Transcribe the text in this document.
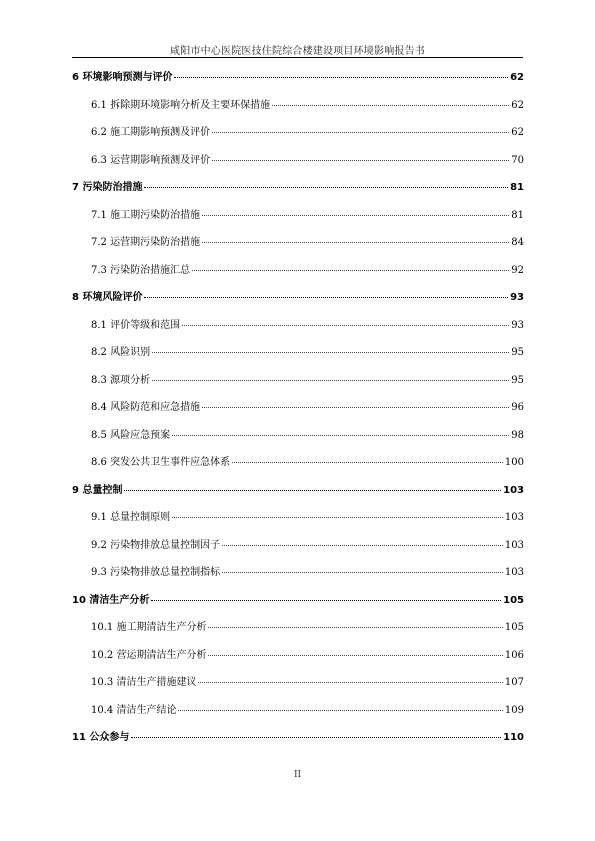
咸阳市中心医院医技住院综合楼建设项目环境影响报告书
6 环境影响预测与评价	62
6.1 拆除期环境影响分析及主要环保措施	62
6.2 施工期影响预测及评价	62
6.3 运营期影响预测及评价	70
7 污染防治措施	81
7.1 施工期污染防治措施	81
7.2 运营期污染防治措施	84
7.3 污染防治措施汇总	92
8 环境风险评价	93
8.1 评价等级和范围	93
8.2 风险识别	95
8.3 源项分析	95
8.4 风险防范和应急措施	96
8.5 风险应急预案	98
8.6 突发公共卫生事件应急体系	100
9 总量控制	103
9.1 总量控制原则	103
9.2 污染物排放总量控制因子	103
9.3 污染物排放总量控制指标	103
10 清洁生产分析	105
10.1 施工期清洁生产分析	105
10.2 营运期清洁生产分析	106
10.3 清洁生产措施建议	107
10.4 清洁生产结论	109
11 公众参与	110
II
